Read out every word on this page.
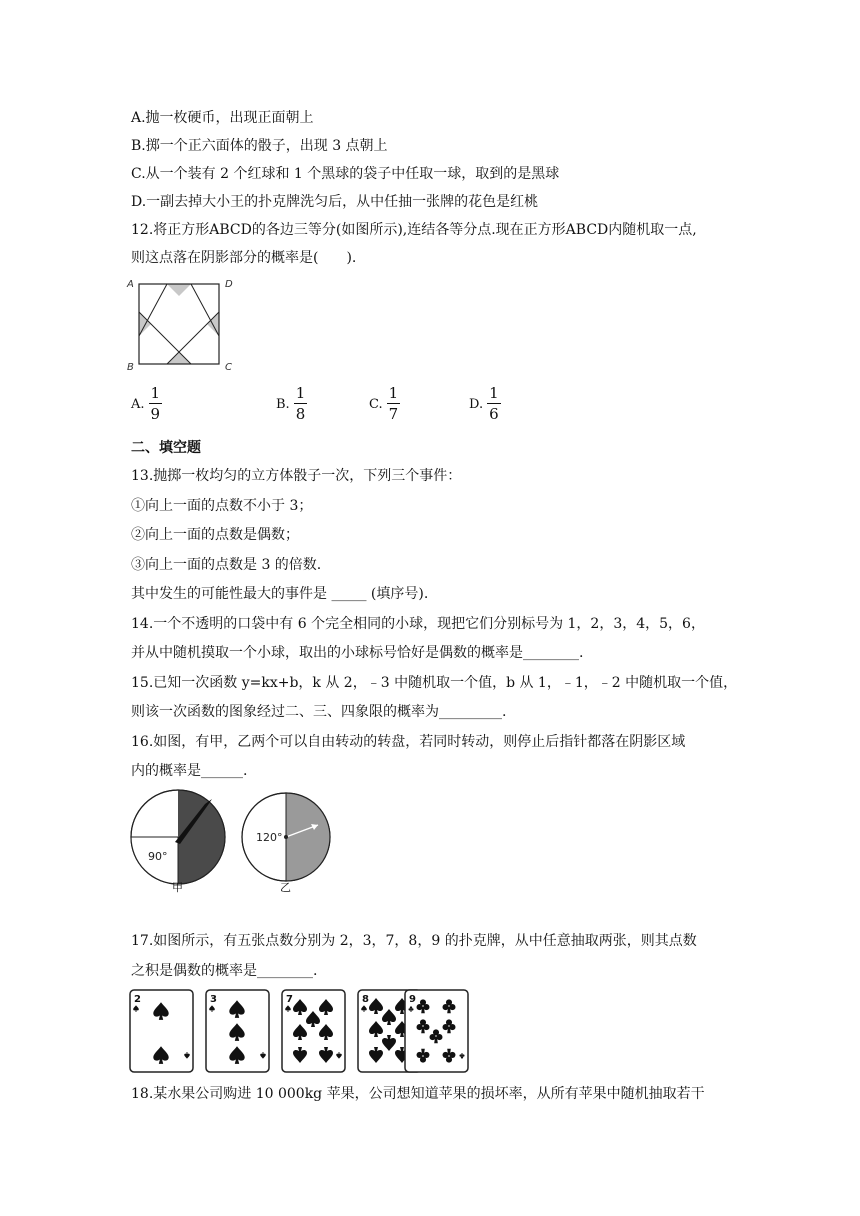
A.抛一枚硬币，出现正面朝上
B.掷一个正六面体的骰子，出现 3 点朝上
C.从一个装有 2 个红球和 1 个黑球的袋子中任取一球，取到的是黑球
D.一副去掉大小王的扑克牌洗匀后，从中任抽一张牌的花色是红桃
12.将正方形ABCD的各边三等分(如图所示),连结各等分点.现在正方形ABCD内随机取一点,
则这点落在阴影部分的概率是(　　).
A	D
B	C
A. $\frac{1}{9}$	B. $\frac{1}{8}$	C. $\frac{1}{7}$	D. $\frac{1}{6}$
二、填空题
13.抛掷一枚均匀的立方体骰子一次，下列三个事件：
①向上一面的点数不小于 3；
②向上一面的点数是偶数；
③向上一面的点数是 3 的倍数.
其中发生的可能性最大的事件是 _____ (填序号).
14.一个不透明的口袋中有 6 个完全相同的小球，现把它们分别标号为 1，2，3，4，5，6，
并从中随机摸取一个小球，取出的小球标号恰好是偶数的概率是________.
15.已知一次函数 y=kx+b，k 从 2，﹣3 中随机取一个值，b 从 1，﹣1，﹣2 中随机取一个值，
则该一次函数的图象经过二、三、四象限的概率为_________.
16.如图，有甲，乙两个可以自由转动的转盘，若同时转动，则停止后指针都落在阴影区域
内的概率是______.
90°
120°
甲	乙
17.如图所示，有五张点数分别为 2，3，7，8，9 的扑克牌，从中任意抽取两张，则其点数
之积是偶数的概率是________.
2	3	7	8	9
18.某水果公司购进 10 000kg 苹果，公司想知道苹果的损坏率，从所有苹果中随机抽取若干
